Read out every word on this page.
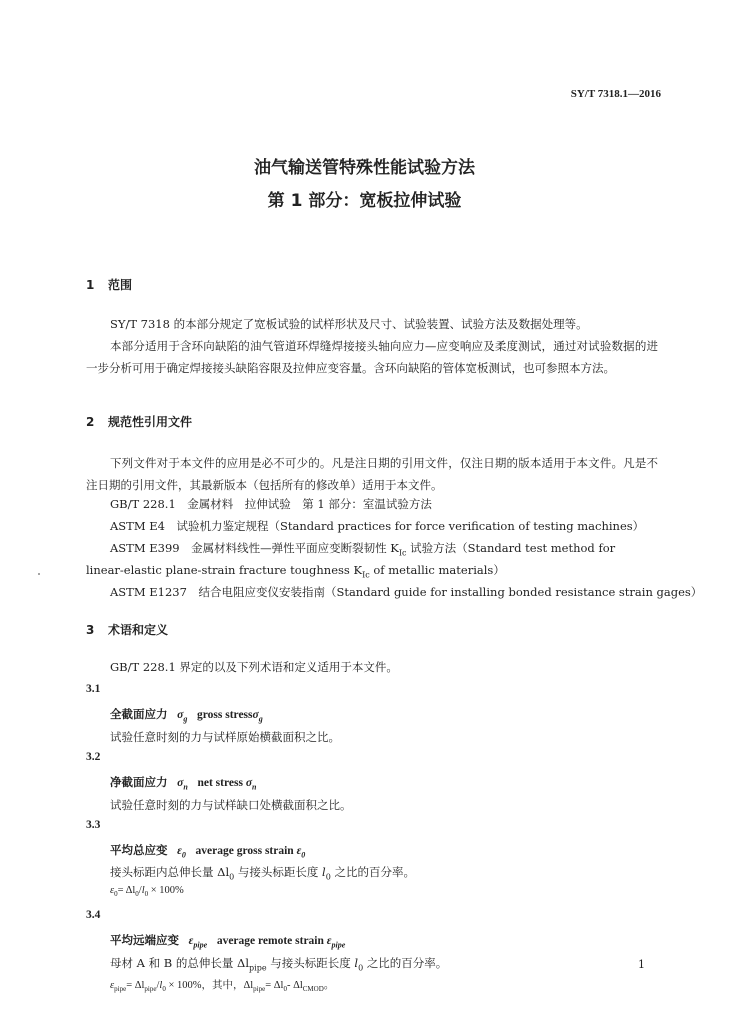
SY/T 7318.1—2016
油气输送管特殊性能试验方法
第 1 部分：宽板拉伸试验
1 范围
SY/T 7318 的本部分规定了宽板试验的试样形状及尺寸、试验装置、试验方法及数据处理等。
本部分适用于含环向缺陷的油气管道环焊缝焊接接头轴向应力—应变响应及柔度测试，通过对试验数据的进一步分析可用于确定焊接接头缺陷容限及拉伸应变容量。含环向缺陷的管体宽板测试，也可参照本方法。
2 规范性引用文件
下列文件对于本文件的应用是必不可少的。凡是注日期的引用文件，仅注日期的版本适用于本文件。凡是不注日期的引用文件，其最新版本（包括所有的修改单）适用于本文件。
GB/T 228.1　金属材料　拉伸试验　第 1 部分：室温试验方法
ASTM E4　试验机力鉴定规程（Standard practices for force verification of testing machines）
ASTM E399　金属材料线性—弹性平面应变断裂韧性 $K_{Ic}$ 试验方法（Standard test method for
linear-elastic plane-strain fracture toughness $K_{Ic}$ of metallic materials）
ASTM E1237　结合电阻应变仪安装指南（Standard guide for installing bonded resistance strain gages）
3 术语和定义
GB/T 228.1 界定的以及下列术语和定义适用于本文件。
3.1
全截面应力 $\sigma_g$ gross stressσ$_g$
试验任意时刻的力与试样原始横截面积之比。
3.2
净截面应力 $\sigma_n$ net stress $\sigma_n$
试验任意时刻的力与试样缺口处横截面积之比。
3.3
平均总应变 $\varepsilon_0$ average gross strain $\varepsilon_0$
接头标距内总伸长量 $\Delta l_0$ 与接头标距长度 $l_0$ 之比的百分率。
$\varepsilon_0= \Delta l_0/l_0 \times 100\%$
3.4
平均远端应变 $\varepsilon_{pipe}$ average remote strain $\varepsilon_{pipe}$
母材 A 和 B 的总伸长量 $\Delta l_{pipe}$ 与接头标距长度 $l_0$ 之比的百分率。
$\varepsilon_{pipe}= \Delta l_{pipe}/l_0 \times 100\%$，其中，$\Delta l_{pipe}= \Delta l_0-$ $\Delta l_{CMOD}$。
1
